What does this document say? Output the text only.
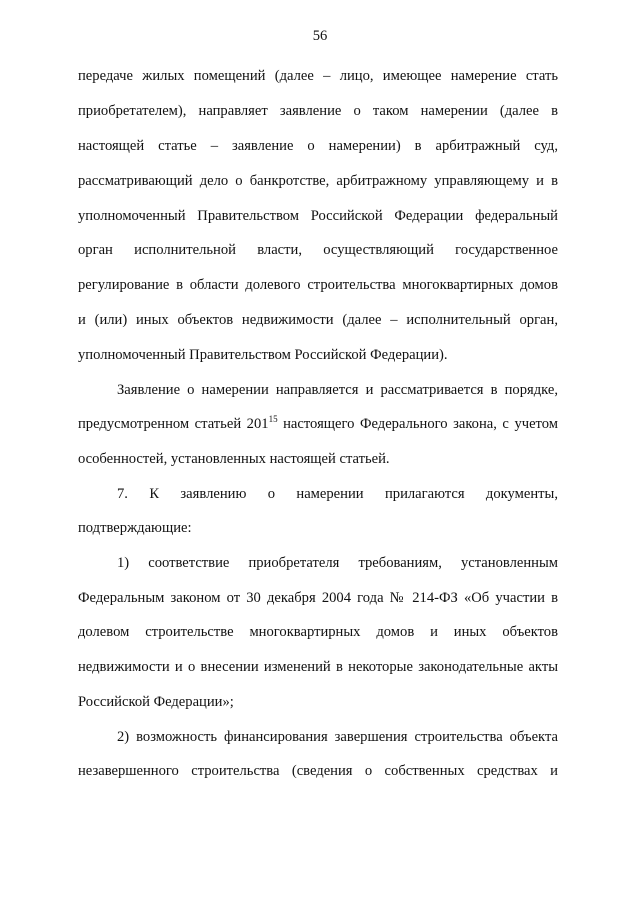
56
передаче жилых помещений (далее – лицо, имеющее намерение стать
приобретателем), направляет заявление о таком намерении (далее в
настоящей статье – заявление о намерении) в арбитражный суд,
рассматривающий дело о банкротстве, арбитражному управляющему и в
уполномоченный Правительством Российской Федерации федеральный
орган исполнительной власти, осуществляющий государственное
регулирование в области долевого строительства многоквартирных домов
и (или) иных объектов недвижимости (далее – исполнительный орган,
уполномоченный Правительством Российской Федерации).
Заявление о намерении направляется и рассматривается в порядке,
предусмотренном статьей $201^{15}$ настоящего Федерального закона, с учетом
особенностей, установленных настоящей статьей.
7. К заявлению о намерении прилагаются документы,
подтверждающие:
1) соответствие приобретателя требованиям, установленным
Федеральным законом от 30 декабря 2004 года № 214-ФЗ «Об участии в
долевом строительстве многоквартирных домов и иных объектов
недвижимости и о внесении изменений в некоторые законодательные акты
Российской Федерации»;
2) возможность финансирования завершения строительства объекта
незавершенного строительства (сведения о собственных средствах и
